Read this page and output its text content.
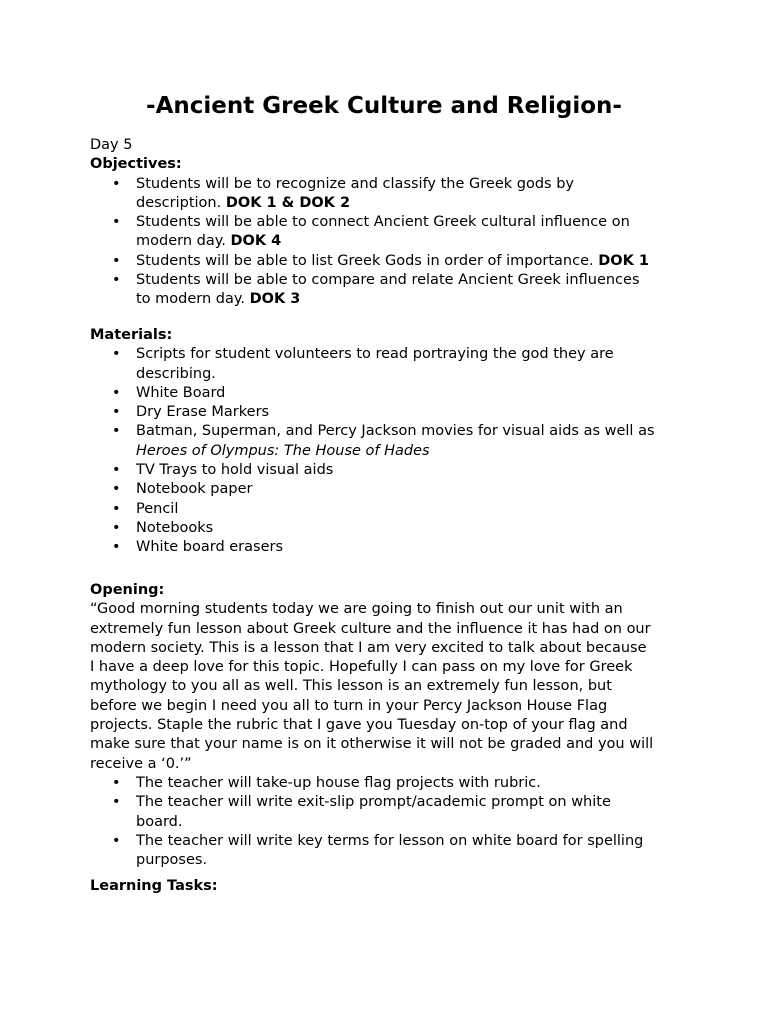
-Ancient Greek Culture and Religion-
Day 5
Objectives:
• Students will be to recognize and classify the Greek gods by
description. DOK 1 & DOK 2
• Students will be able to connect Ancient Greek cultural influence on
modern day. DOK 4
• Students will be able to list Greek Gods in order of importance. DOK 1
• Students will be able to compare and relate Ancient Greek influences
to modern day. DOK 3
Materials:
• Scripts for student volunteers to read portraying the god they are
describing.
• White Board
• Dry Erase Markers
• Batman, Superman, and Percy Jackson movies for visual aids as well as
Heroes of Olympus: The House of Hades
• TV Trays to hold visual aids
• Notebook paper
• Pencil
• Notebooks
• White board erasers
Opening:
“Good morning students today we are going to finish out our unit with an
extremely fun lesson about Greek culture and the influence it has had on our
modern society. This is a lesson that I am very excited to talk about because
I have a deep love for this topic. Hopefully I can pass on my love for Greek
mythology to you all as well. This lesson is an extremely fun lesson, but
before we begin I need you all to turn in your Percy Jackson House Flag
projects. Staple the rubric that I gave you Tuesday on-top of your flag and
make sure that your name is on it otherwise it will not be graded and you will
receive a ‘0.’”
• The teacher will take-up house flag projects with rubric.
• The teacher will write exit-slip prompt/academic prompt on white
board.
• The teacher will write key terms for lesson on white board for spelling
purposes.
Learning Tasks:
